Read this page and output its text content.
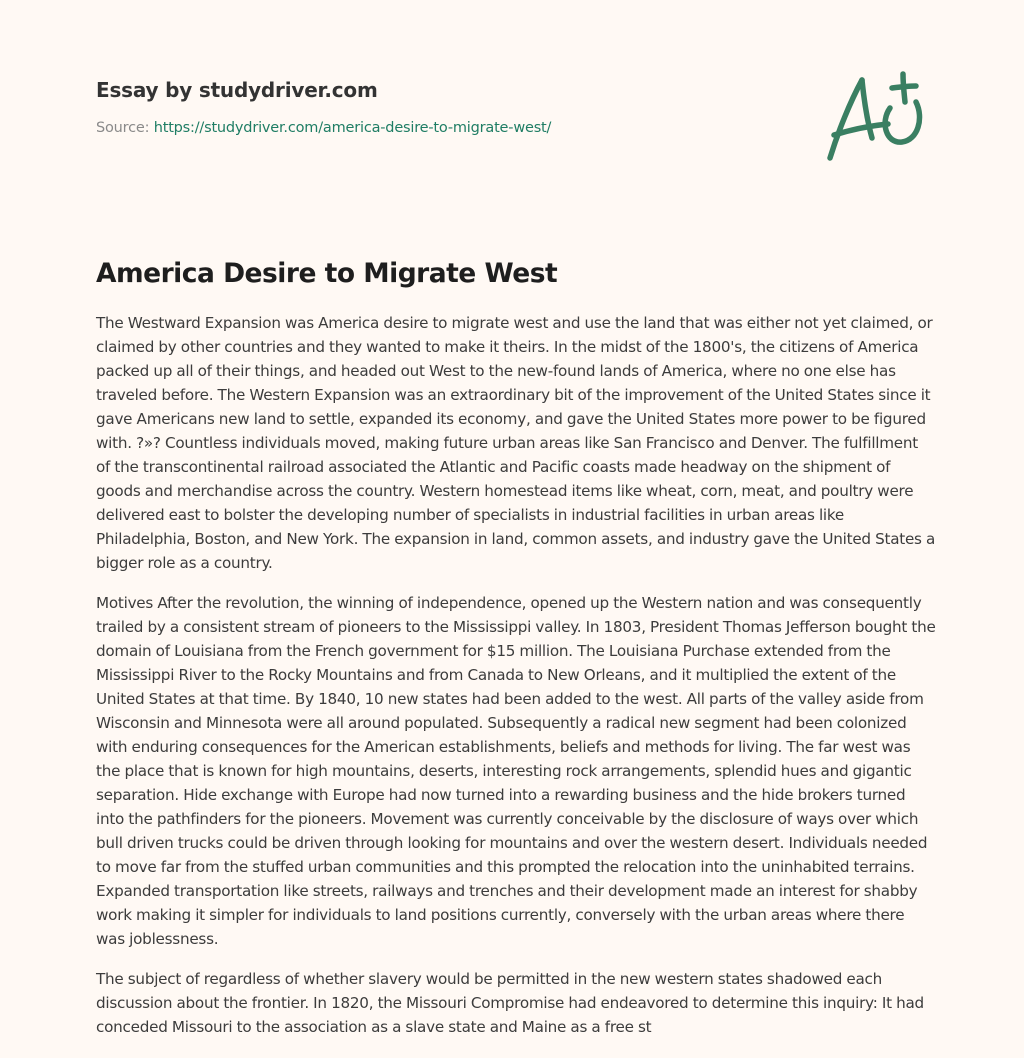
Essay by studydriver.com
Source: https://studydriver.com/america-desire-to-migrate-west/
America Desire to Migrate West

The Westward Expansion was America desire to migrate west and use the land that was either not yet claimed, or claimed by other countries and they wanted to make it theirs. In the midst of the 1800's, the citizens of America packed up all of their things, and headed out West to the new-found lands of America, where no one else has traveled before. The Western Expansion was an extraordinary bit of the improvement of the United States since it gave Americans new land to settle, expanded its economy, and gave the United States more power to be figured with. ?»? Countless individuals moved, making future urban areas like San Francisco and Denver. The fulfillment of the transcontinental railroad associated the Atlantic and Pacific coasts made headway on the shipment of goods and merchandise across the country. Western homestead items like wheat, corn, meat, and poultry were delivered east to bolster the developing number of specialists in industrial facilities in urban areas like Philadelphia, Boston, and New York. The expansion in land, common assets, and industry gave the United States a bigger role as a country.

Motives After the revolution, the winning of independence, opened up the Western nation and was consequently trailed by a consistent stream of pioneers to the Mississippi valley. In 1803, President Thomas Jefferson bought the domain of Louisiana from the French government for $15 million. The Louisiana Purchase extended from the Mississippi River to the Rocky Mountains and from Canada to New Orleans, and it multiplied the extent of the United States at that time. By 1840, 10 new states had been added to the west. All parts of the valley aside from Wisconsin and Minnesota were all around populated. Subsequently a radical new segment had been colonized with enduring consequences for the American establishments, beliefs and methods for living. The far west was the place that is known for high mountains, deserts, interesting rock arrangements, splendid hues and gigantic separation. Hide exchange with Europe had now turned into a rewarding business and the hide brokers turned into the pathfinders for the pioneers. Movement was currently conceivable by the disclosure of ways over which bull driven trucks could be driven through looking for mountains and over the western desert. Individuals needed to move far from the stuffed urban communities and this prompted the relocation into the uninhabited terrains. Expanded transportation like streets, railways and trenches and their development made an interest for shabby work making it simpler for individuals to land positions currently, conversely with the urban areas where there was joblessness.

The subject of regardless of whether slavery would be permitted in the new western states shadowed each discussion about the frontier. In 1820, the Missouri Compromise had endeavored to determine this inquiry: It had conceded Missouri to the association as a slave state and Maine as a free st
